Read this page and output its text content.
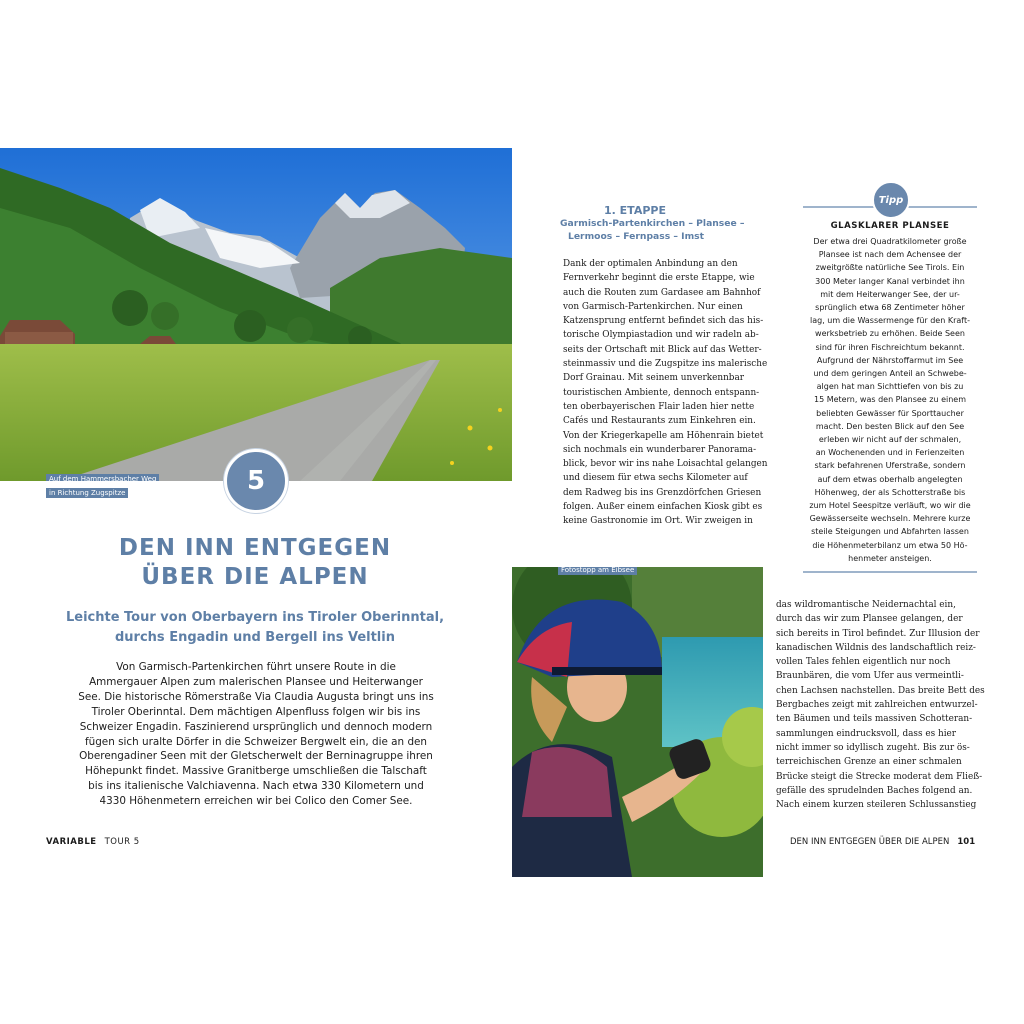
Auf dem Hammersbacher Weg
in Richtung Zugspitze	5
DEN INN ENTGEGEN
ÜBER DIE ALPEN
Leichte Tour von Oberbayern ins Tiroler Oberinntal,
durchs Engadin und Bergell ins Veltlin
Von Garmisch-Partenkirchen führt unsere Route in die
Ammergauer Alpen zum malerischen Plansee und Heiterwanger
See. Die historische Römerstraße Via Claudia Augusta bringt uns ins
Tiroler Oberinntal. Dem mächtigen Alpenfluss folgen wir bis ins
Schweizer Engadin. Faszinierend ursprünglich und dennoch modern
fügen sich uralte Dörfer in die Schweizer Bergwelt ein, die an den
Oberengadiner Seen mit der Gletscherwelt der Berninagruppe ihren
Höhepunkt findet. Massive Granitberge umschließen die Talschaft
bis ins italienische Valchiavenna. Nach etwa 330 Kilometern und
4330 Höhenmetern erreichen wir bei Colico den Comer See.
VARIABLE TOUR 5
1. ETAPPE
Garmisch-Partenkirchen – Plansee –
Lermoos – Fernpass – Imst
Dank der optimalen Anbindung an den
Fernverkehr beginnt die erste Etappe, wie
auch die Routen zum Gardasee am Bahnhof
von Garmisch-Partenkirchen. Nur einen
Katzensprung entfernt befindet sich das his-
torische Olympiastadion und wir radeln ab-
seits der Ortschaft mit Blick auf das Wetter-
steinmassiv und die Zugspitze ins malerische
Dorf Grainau. Mit seinem unverkennbar
touristischen Ambiente, dennoch entspann-
ten oberbayerischen Flair laden hier nette
Cafés und Restaurants zum Einkehren ein.
Von der Kriegerkapelle am Höhenrain bietet
sich nochmals ein wunderbarer Panorama-
blick, bevor wir ins nahe Loisachtal gelangen
und diesem für etwa sechs Kilometer auf
dem Radweg bis ins Grenzdörfchen Griesen
folgen. Außer einem einfachen Kiosk gibt es
keine Gastronomie im Ort. Wir zweigen in
Tipp
GLASKLARER PLANSEE
Der etwa drei Quadratkilometer große
Plansee ist nach dem Achensee der
zweitgrößte natürliche See Tirols. Ein
300 Meter langer Kanal verbindet ihn
mit dem Heiterwanger See, der ur-
sprünglich etwa 68 Zentimeter höher
lag, um die Wassermenge für den Kraft-
werksbetrieb zu erhöhen. Beide Seen
sind für ihren Fischreichtum bekannt.
Aufgrund der Nährstoffarmut im See
und dem geringen Anteil an Schwebe-
algen hat man Sichttiefen von bis zu
15 Metern, was den Plansee zu einem
beliebten Gewässer für Sporttaucher
macht. Den besten Blick auf den See
erleben wir nicht auf der schmalen,
an Wochenenden und in Ferienzeiten
stark befahrenen Uferstraße, sondern
auf dem etwas oberhalb angelegten
Höhenweg, der als Schotterstraße bis
zum Hotel Seespitze verläuft, wo wir die
Gewässerseite wechseln. Mehrere kurze
steile Steigungen und Abfahrten lassen
die Höhenmeterbilanz um etwa 50 Hö-
henmeter ansteigen.
Fotostopp am Eibsee
das wildromantische Neidernachtal ein,
durch das wir zum Plansee gelangen, der
sich bereits in Tirol befindet. Zur Illusion der
kanadischen Wildnis des landschaftlich reiz-
vollen Tales fehlen eigentlich nur noch
Braunbären, die vom Ufer aus vermeintli-
chen Lachsen nachstellen. Das breite Bett des
Bergbaches zeigt mit zahlreichen entwurzel-
ten Bäumen und teils massiven Schotteran-
sammlungen eindrucksvoll, dass es hier
nicht immer so idyllisch zugeht. Bis zur ös-
terreichischen Grenze an einer schmalen
Brücke steigt die Strecke moderat dem Fließ-
gefälle des sprudelnden Baches folgend an.
Nach einem kurzen steileren Schlussanstieg
DEN INN ENTGEGEN ÜBER DIE ALPEN 101
